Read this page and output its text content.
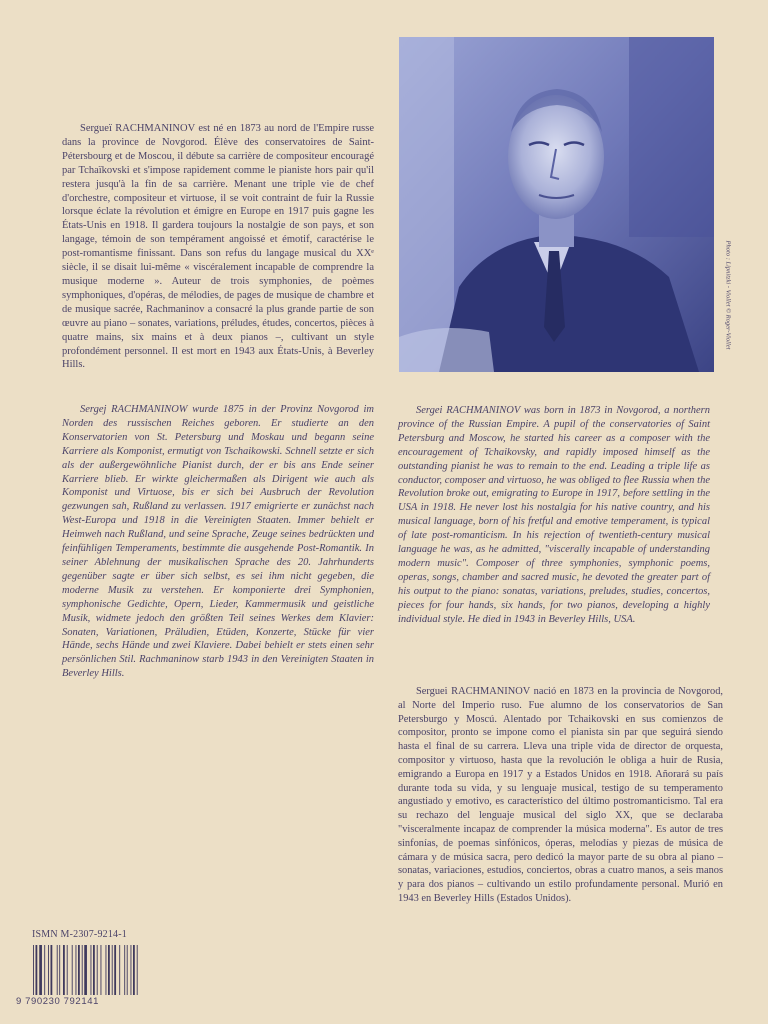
Sergueï RACHMANINOV est né en 1873 au nord de l'Empire russe dans la province de Novgorod. Élève des conservatoires de Saint-Pétersbourg et de Moscou, il débute sa carrière de compositeur encouragé par Tchaïkovski et s'impose rapidement comme le pianiste hors pair qu'il restera jusqu'à la fin de sa carrière. Menant une triple vie de chef d'orchestre, compositeur et virtuose, il se voit contraint de fuir la Russie lorsque éclate la révolution et émigre en Europe en 1917 puis gagne les États-Unis en 1918. Il gardera toujours la nostalgie de son pays, et son langage, témoin de son tempérament angoissé et émotif, caractérise le post-romantisme finissant. Dans son refus du langage musical du XXᵉ siècle, il se disait lui-même « viscéralement incapable de comprendre la musique moderne ». Auteur de trois symphonies, de poèmes symphoniques, d'opéras, de mélodies, de pages de musique de chambre et de musique sacrée, Rachmaninov a consacré la plus grande partie de son œuvre au piano – sonates, variations, préludes, études, concertos, pièces à quatre mains, six mains et à deux pianos –, cultivant un style profondément personnel. Il est mort en 1943 aux États-Unis, à Beverley Hills.

Sergej RACHMANINOW wurde 1875 in der Provinz Novgorod im Norden des russischen Reiches geboren. Er studierte an den Konservatorien von St. Petersburg und Moskau und begann seine Karriere als Komponist, ermutigt von Tschaikowski. Schnell setzte er sich als der außergewöhnliche Pianist durch, der er bis ans Ende seiner Karriere blieb. Er wirkte gleichermaßen als Dirigent wie auch als Komponist und Virtuose, bis er sich bei Ausbruch der Revolution gezwungen sah, Rußland zu verlassen. 1917 emigrierte er zunächst nach West-Europa und 1918 in die Vereinigten Staaten. Immer behielt er Heimweh nach Rußland, und seine Sprache, Zeuge seines bedrückten und feinfühligen Temperaments, bestimmte die ausgehende Post-Romantik. In seiner Ablehnung der musikalischen Sprache des 20. Jahrhunderts gegenüber sagte er über sich selbst, es sei ihm nicht gegeben, die moderne Musik zu verstehen. Er komponierte drei Symphonien, symphonische Gedichte, Opern, Lieder, Kammermusik und geistliche Musik, widmete jedoch den größten Teil seines Werkes dem Klavier: Sonaten, Variationen, Präludien, Etüden, Konzerte, Stücke für vier Hände, sechs Hände und zwei Klaviere. Dabei behielt er stets einen sehr persönlichen Stil. Rachmaninow starb 1943 in den Vereinigten Staaten in Beverley Hills.

Sergei RACHMANINOV was born in 1873 in Novgorod, a northern province of the Russian Empire. A pupil of the conservatories of Saint Petersburg and Moscow, he started his career as a composer with the encouragement of Tchaikovsky, and rapidly imposed himself as the outstanding pianist he was to remain to the end. Leading a triple life as conductor, composer and virtuoso, he was obliged to flee Russia when the Revolution broke out, emigrating to Europe in 1917, before settling in the USA in 1918. He never lost his nostalgia for his native country, and his musical language, born of his fretful and emotive temperament, is typical of late post-romanticism. In his rejection of twentieth-century musical language he was, as he admitted, "viscerally incapable of understanding modern music". Composer of three symphonies, symphonic poems, operas, songs, chamber and sacred music, he devoted the greater part of his output to the piano: sonatas, variations, preludes, studies, concertos, pieces for four hands, six hands, for two pianos, developing a highly individual style. He died in 1943 in Beverley Hills, USA.

Serguei RACHMANINOV nació en 1873 en la provincia de Novgorod, al Norte del Imperio ruso. Fue alumno de los conservatorios de San Petersburgo y Moscú. Alentado por Tchaikovski en sus comienzos de compositor, pronto se impone como el pianista sin par que seguirá siendo hasta el final de su carrera. Lleva una triple vida de director de orquesta, compositor y virtuoso, hasta que la revolución le obliga a huir de Rusia, emigrando a Europa en 1917 y a Estados Unidos en 1918. Añorará su país durante toda su vida, y su lenguaje musical, testigo de su temperamento angustiado y emotivo, es característico del último postromanticismo. Tal era su rechazo del lenguaje musical del siglo XX, que se declaraba "visceralmente incapaz de comprender la música moderna". Es autor de tres sinfonías, de poemas sinfónicos, óperas, melodías y piezas de música de cámara y de música sacra, pero dedicó la mayor parte de su obra al piano – sonatas, variaciones, estudios, conciertos, obras a cuatro manos, a seis manos y para dos pianos – cultivando un estilo profundamente personal. Murió en 1943 en Beverley Hills (Estados Unidos).

Photo : Lipnitzki - Viollet © Roger-Viollet
ISMN M-2307-9214-1
9 790230 792141
